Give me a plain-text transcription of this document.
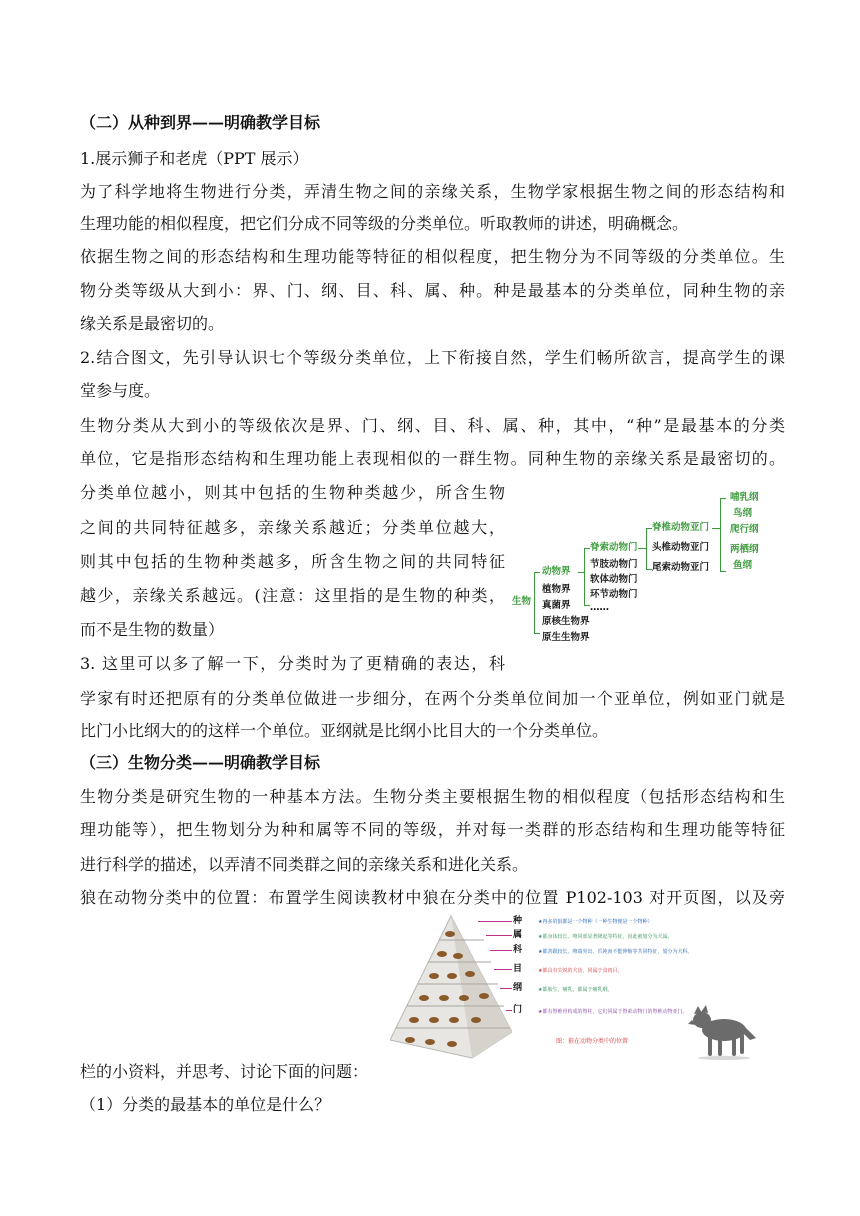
（二）从种到界——明确教学目标
1.展示狮子和老虎（PPT 展示）
为了科学地将生物进行分类，弄清生物之间的亲缘关系，生物学家根据生物之间的形态结构和
生理功能的相似程度，把它们分成不同等级的分类单位。听取教师的讲述，明确概念。
依据生物之间的形态结构和生理功能等特征的相似程度，把生物分为不同等级的分类单位。生
物分类等级从大到小：界、门、纲、目、科、属、种。种是最基本的分类单位，同种生物的亲
缘关系是最密切的。
2.结合图文，先引导认识七个等级分类单位，上下衔接自然，学生们畅所欲言，提高学生的课
堂参与度。
生物分类从大到小的等级依次是界、门、纲、目、科、属、种，其中，“种”是最基本的分类
单位，它是指形态结构和生理功能上表现相似的一群生物。同种生物的亲缘关系是最密切的。
分类单位越小，则其中包括的生物种类越少，所含生物
之间的共同特征越多，亲缘关系越近；分类单位越大，
则其中包括的生物种类越多，所含生物之间的共同特征
越少，亲缘关系越远。(注意：这里指的是生物的种类，
而不是生物的数量）
3. 这里可以多了解一下，分类时为了更精确的表达，科
学家有时还把原有的分类单位做进一步细分，在两个分类单位间加一个亚单位，例如亚门就是
比门小比纲大的的这样一个单位。亚纲就是比纲小比目大的一个分类单位。
生物
动物界
植物界
真菌界
原核生物界
原生生物界
脊索动物门
节肢动物门
软体动物门
环节动物门
……
脊椎动物亚门
头椎动物亚门
尾索动物亚门
哺乳纲
鸟纲
爬行纲
两栖纲
鱼纲
（三）生物分类——明确教学目标
生物分类是研究生物的一种基本方法。生物分类主要根据生物的相似程度（包括形态结构和生
理功能等），把生物划分为种和属等不同的等级，并对每一类群的形态结构和生理功能等特征
进行科学的描述，以弄清不同类群之间的亲缘关系和进化关系。
狼在动物分类中的位置：布置学生阅读教材中狼在分类中的位置 P102-103 对开页图，以及旁
种
属
科
目
纲
门
★再多的狼都是一个物种（一种生物便是一个物种）
★都身体较长、吻同部显著隆起等特征，因此被划分为犬属。
★都善跟较长、吻端突出、爪钝而不能伸缩等共同特征，划分为犬科。
★都具有尖锐的犬齿，同属于食肉目。
★都胎生、哺乳，都属于哺乳纲。
★都有脊椎骨构成的脊柱，它们同属于脊索动物门的脊椎动物亚门。
图：狼在动物分类中的位置
栏的小资料，并思考、讨论下面的问题：
（1）分类的最基本的单位是什么？
